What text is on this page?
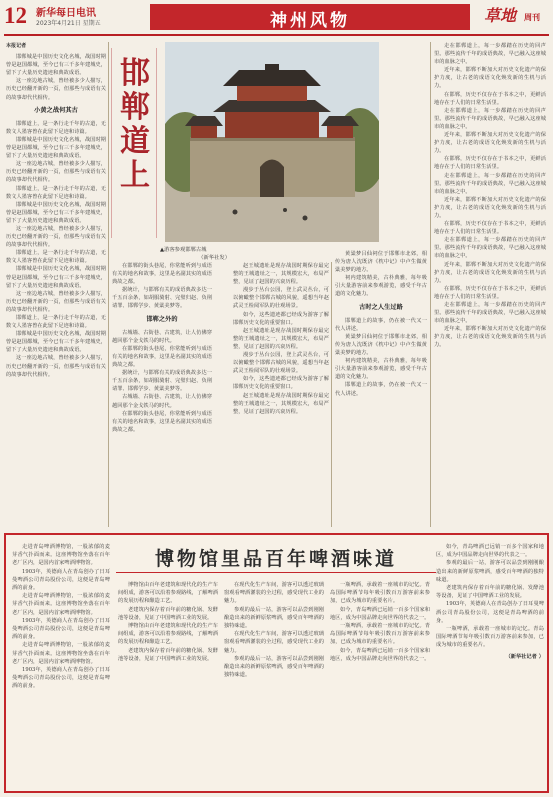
12 新华每日电讯
2023年4月21日 星期五	神州风物	草地 周刊
本报记者

邯郸城是中国历史文化名城，战国时期曾是赵国都城，至今已有三千多年建城史，留下了大量历史遗迹和典故成语。

这一座边地古城，曾经被多少人描写，历史已经翻开新的一页，但那些与成语有关的故事却代代相传。

小黄之战何其古

邯郸道上，是一条行走千年的古道，无数文人墨客曾在此留下足迹和诗篇。

邯郸城是中国历史文化名城，战国时期曾是赵国都城，至今已有三千多年建城史，留下了大量历史遗迹和典故成语。

这一座边地古城，曾经被多少人描写，历史已经翻开新的一页，但那些与成语有关的故事却代代相传。

邯郸道上，是一条行走千年的古道，无数文人墨客曾在此留下足迹和诗篇。

邯郸城是中国历史文化名城，战国时期曾是赵国都城，至今已有三千多年建城史，留下了大量历史遗迹和典故成语。

这一座边地古城，曾经被多少人描写，历史已经翻开新的一页，但那些与成语有关的故事却代代相传。

邯郸道上，是一条行走千年的古道，无数文人墨客曾在此留下足迹和诗篇。

邯郸城是中国历史文化名城，战国时期曾是赵国都城，至今已有三千多年建城史，留下了大量历史遗迹和典故成语。

这一座边地古城，曾经被多少人描写，历史已经翻开新的一页，但那些与成语有关的故事却代代相传。

邯郸道上，是一条行走千年的古道，无数文人墨客曾在此留下足迹和诗篇。

邯郸城是中国历史文化名城，战国时期曾是赵国都城，至今已有三千多年建城史，留下了大量历史遗迹和典故成语。

这一座边地古城，曾经被多少人描写，历史已经翻开新的一页，但那些与成语有关的故事却代代相传。

邯
郸
道
上

在邯郸的街头巷尾，你常能听到与成语有关的地名和故事，这里是名副其实的成语典故之都。

据统计，与邯郸有关的成语典故多达一千五百余条，如胡服骑射、完璧归赵、负荆请罪、邯郸学步、黄粱美梦等。

邯郸之外的

古城墙、古街巷、古建筑，让人仿佛穿越回那个金戈铁马的时代。

在邯郸的街头巷尾，你常能听到与成语有关的地名和故事，这里是名副其实的成语典故之都。

据统计，与邯郸有关的成语典故多达一千五百余条，如胡服骑射、完璧归赵、负荆请罪、邯郸学步、黄粱美梦等。

古城墙、古街巷、古建筑，让人仿佛穿越回那个金戈铁马的时代。

在邯郸的街头巷尾，你常能听到与成语有关的地名和故事，这里是名副其实的成语典故之都。

▲游客参观邯郸古城
（新华社发）

赵王城遗址是现存战国时期保存最完整的王城遗址之一，其规模宏大，布局严整，见证了赵国的兴衰历程。

漫步于丛台公园，登上武灵丛台，可以俯瞰整个邯郸古城的风貌，遥想当年赵武灵王检阅军队的壮观场景。

如今，这些遗迹都已经成为游客了解邯郸历史文化的重要窗口。

赵王城遗址是现存战国时期保存最完整的王城遗址之一，其规模宏大，布局严整，见证了赵国的兴衰历程。

漫步于丛台公园，登上武灵丛台，可以俯瞰整个邯郸古城的风貌，遥想当年赵武灵王检阅军队的壮观场景。

如今，这些遗迹都已经成为游客了解邯郸历史文化的重要窗口。

赵王城遗址是现存战国时期保存最完整的王城遗址之一，其规模宏大，布局严整，见证了赵国的兴衰历程。

黄粱梦吕仙祠位于邯郸市北郊，相传为唐人沈既济《枕中记》中卢生做黄粱美梦的地方。

祠内建筑精美，古朴典雅，每年吸引大量游客前来参观游览，感受千年古道的文化魅力。

古时之人生过路

邯郸道上的故事，仍在被一代又一代人讲述。

黄粱梦吕仙祠位于邯郸市北郊，相传为唐人沈既济《枕中记》中卢生做黄粱美梦的地方。

祠内建筑精美，古朴典雅，每年吸引大量游客前来参观游览，感受千年古道的文化魅力。

邯郸道上的故事，仍在被一代又一代人讲述。

走在邯郸道上，每一步都踏在历史的回声里。那些流传千年的成语典故，早已融入这座城市的血脉之中。

近年来，邯郸不断加大对历史文化遗产的保护力度，让古老的成语文化焕发新的生机与活力。

在邯郸，历史不仅存在于书本之中，更鲜活地存在于人们的日常生活里。

走在邯郸道上，每一步都踏在历史的回声里。那些流传千年的成语典故，早已融入这座城市的血脉之中。

近年来，邯郸不断加大对历史文化遗产的保护力度，让古老的成语文化焕发新的生机与活力。

在邯郸，历史不仅存在于书本之中，更鲜活地存在于人们的日常生活里。

走在邯郸道上，每一步都踏在历史的回声里。那些流传千年的成语典故，早已融入这座城市的血脉之中。

近年来，邯郸不断加大对历史文化遗产的保护力度，让古老的成语文化焕发新的生机与活力。

在邯郸，历史不仅存在于书本之中，更鲜活地存在于人们的日常生活里。

走在邯郸道上，每一步都踏在历史的回声里。那些流传千年的成语典故，早已融入这座城市的血脉之中。

近年来，邯郸不断加大对历史文化遗产的保护力度，让古老的成语文化焕发新的生机与活力。

在邯郸，历史不仅存在于书本之中，更鲜活地存在于人们的日常生活里。

走在邯郸道上，每一步都踏在历史的回声里。那些流传千年的成语典故，早已融入这座城市的血脉之中。

近年来，邯郸不断加大对历史文化遗产的保护力度，让古老的成语文化焕发新的生机与活力。

博物馆里品百年啤酒味道

走进青岛啤酒博物馆，一股浓郁的麦芽香气扑面而来。这座博物馆坐落在百年老厂区内，是国内首家啤酒博物馆。

1903年，英德商人在青岛创办了日耳曼啤酒公司青岛股份公司，这便是青岛啤酒的前身。

走进青岛啤酒博物馆，一股浓郁的麦芽香气扑面而来。这座博物馆坐落在百年老厂区内，是国内首家啤酒博物馆。

1903年，英德商人在青岛创办了日耳曼啤酒公司青岛股份公司，这便是青岛啤酒的前身。

走进青岛啤酒博物馆，一股浓郁的麦芽香气扑面而来。这座博物馆坐落在百年老厂区内，是国内首家啤酒博物馆。

1903年，英德商人在青岛创办了日耳曼啤酒公司青岛股份公司，这便是青岛啤酒的前身。

博物馆由百年老建筑和现代化的生产车间组成，游客可以沿着参观路线，了解啤酒的发展历程和酿造工艺。

老建筑内保存着百年前的糖化锅、发酵池等设备，见证了中国啤酒工业的发展。

博物馆由百年老建筑和现代化的生产车间组成，游客可以沿着参观路线，了解啤酒的发展历程和酿造工艺。

老建筑内保存着百年前的糖化锅、发酵池等设备，见证了中国啤酒工业的发展。

在现代化生产车间，游客可以透过玻璃窗观看啤酒灌装的全过程，感受现代工业的魅力。

参观的最后一站，游客可以品尝到刚刚酿造出来的新鲜原浆啤酒，感受百年啤酒的独特味道。

在现代化生产车间，游客可以透过玻璃窗观看啤酒灌装的全过程，感受现代工业的魅力。

参观的最后一站，游客可以品尝到刚刚酿造出来的新鲜原浆啤酒，感受百年啤酒的独特味道。

一瓶啤酒，承载着一座城市的记忆。青岛国际啤酒节每年吸引数百万游客前来参加，已成为城市的重要名片。

如今，青岛啤酒已远销一百多个国家和地区，成为中国品牌走向世界的代表之一。

一瓶啤酒，承载着一座城市的记忆。青岛国际啤酒节每年吸引数百万游客前来参加，已成为城市的重要名片。

如今，青岛啤酒已远销一百多个国家和地区，成为中国品牌走向世界的代表之一。

如今，青岛啤酒已远销一百多个国家和地区，成为中国品牌走向世界的代表之一。

参观的最后一站，游客可以品尝到刚刚酿造出来的新鲜原浆啤酒，感受百年啤酒的独特味道。

老建筑内保存着百年前的糖化锅、发酵池等设备，见证了中国啤酒工业的发展。

1903年，英德商人在青岛创办了日耳曼啤酒公司青岛股份公司，这便是青岛啤酒的前身。

一瓶啤酒，承载着一座城市的记忆。青岛国际啤酒节每年吸引数百万游客前来参加，已成为城市的重要名片。

（新华社记者 ）
